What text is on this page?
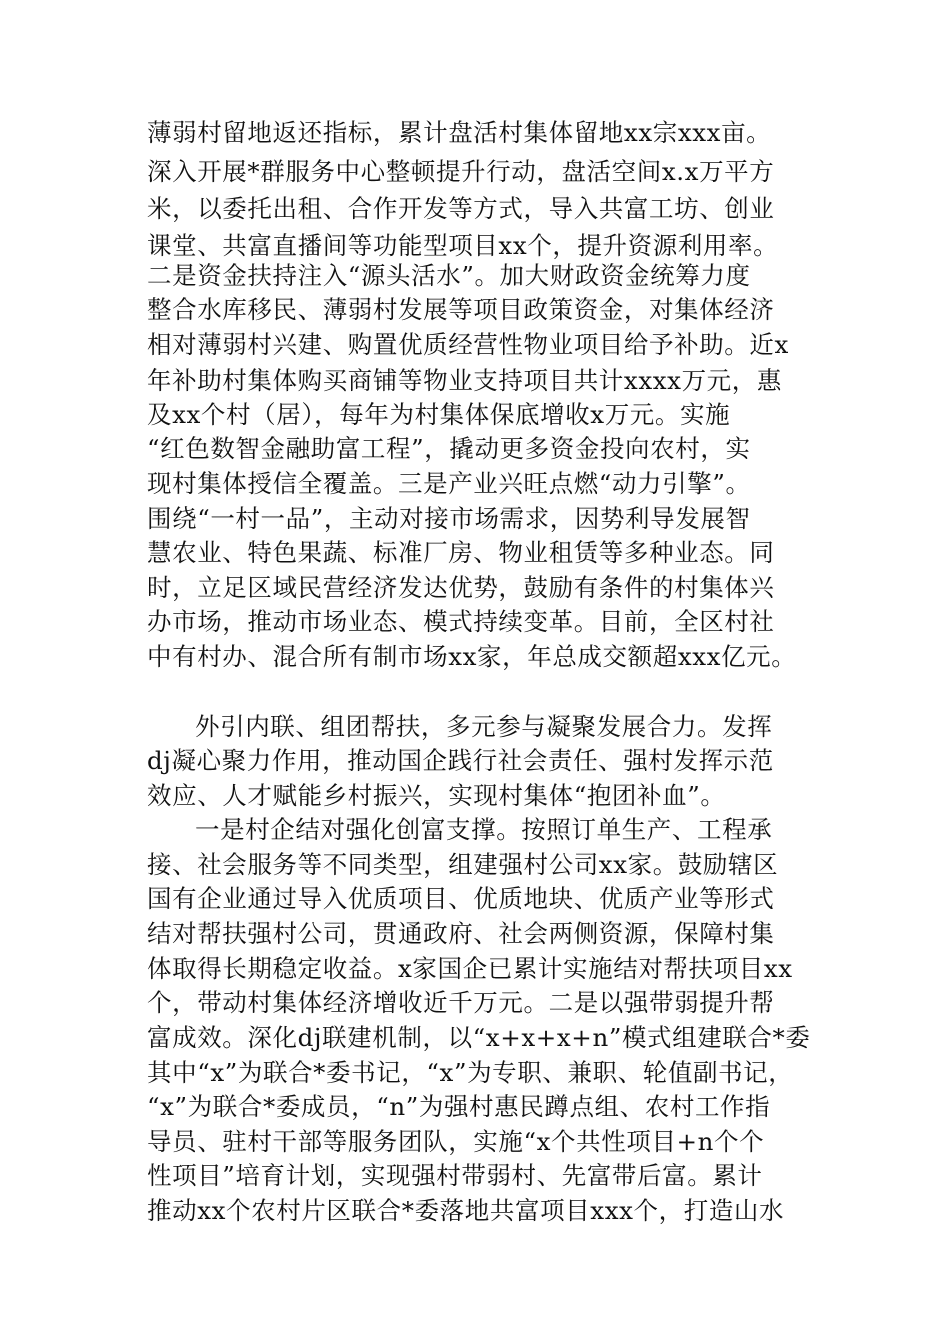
薄弱村留地返还指标，累计盘活村集体留地xx宗xxx亩。

深入开展*群服务中心整顿提升行动，盘活空间x.x万平方

米，以委托出租、合作开发等方式，导入共富工坊、创业

课堂、共富直播间等功能型项目xx个，提升资源利用率。

二是资金扶持注入“源头活水”。加大财政资金统筹力度

整合水库移民、薄弱村发展等项目政策资金，对集体经济

相对薄弱村兴建、购置优质经营性物业项目给予补助。近x

年补助村集体购买商铺等物业支持项目共计xxxx万元，惠

及xx个村（居），每年为村集体保底增收x万元。实施

“红色数智金融助富工程”，撬动更多资金投向农村，实

现村集体授信全覆盖。三是产业兴旺点燃“动力引擎”。

围绕“一村一品”，主动对接市场需求，因势利导发展智

慧农业、特色果蔬、标准厂房、物业租赁等多种业态。同

时，立足区域民营经济发达优势，鼓励有条件的村集体兴

办市场，推动市场业态、模式持续变革。目前，全区村社

中有村办、混合所有制市场xx家，年总成交额超xxx亿元。

外引内联、组团帮扶，多元参与凝聚发展合力。发挥

dj凝心聚力作用，推动国企践行社会责任、强村发挥示范

效应、人才赋能乡村振兴，实现村集体“抱团补血”。

一是村企结对强化创富支撑。按照订单生产、工程承

接、社会服务等不同类型，组建强村公司xx家。鼓励辖区

国有企业通过导入优质项目、优质地块、优质产业等形式

结对帮扶强村公司，贯通政府、社会两侧资源，保障村集

体取得长期稳定收益。x家国企已累计实施结对帮扶项目xx

个，带动村集体经济增收近千万元。二是以强带弱提升帮

富成效。深化dj联建机制，以“x+x+x+n”模式组建联合*委

其中“x”为联合*委书记，“x”为专职、兼职、轮值副书记，

“x”为联合*委成员，“n”为强村惠民蹲点组、农村工作指

导员、驻村干部等服务团队，实施“x个共性项目+n个个

性项目”培育计划，实现强村带弱村、先富带后富。累计

推动xx个农村片区联合*委落地共富项目xxx个，打造山水
